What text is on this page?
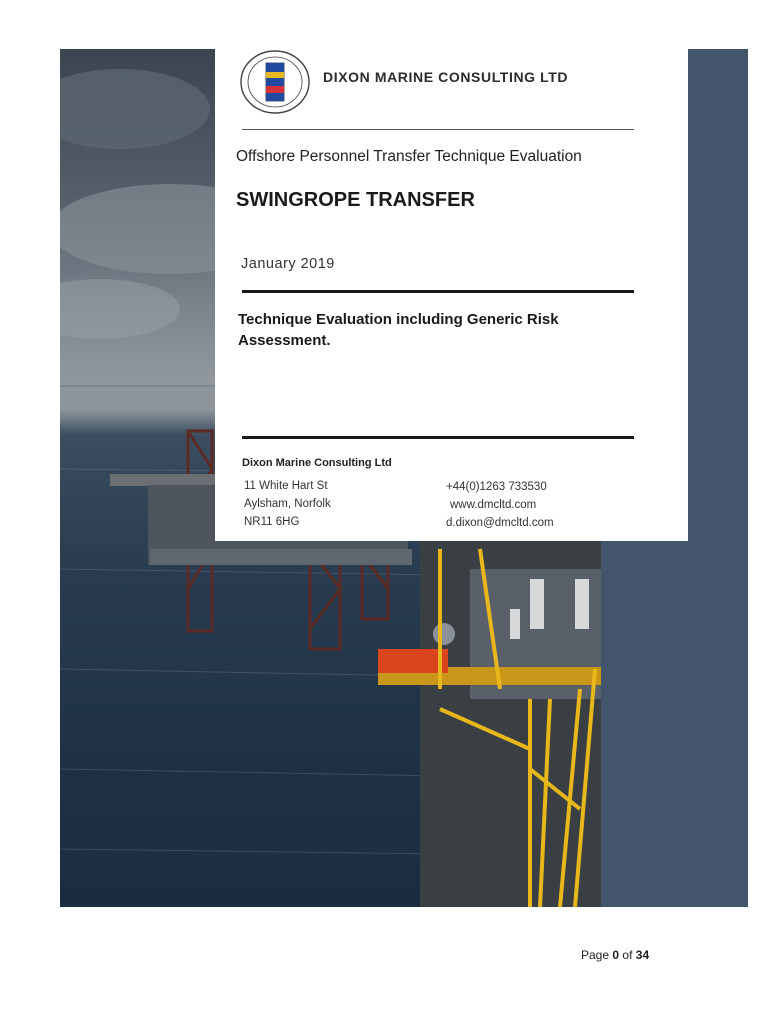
DIXON MARINE CONSULTING LTD
Offshore Personnel Transfer Technique Evaluation
SWINGROPE TRANSFER
January 2019
Technique Evaluation including Generic Risk Assessment.
Dixon Marine Consulting Ltd
11 White Hart St
Aylsham, Norfolk
NR11 6HG
+44(0)1263 733530
www.dmcltd.com
d.dixon@dmcltd.com
Page 0 of 34
